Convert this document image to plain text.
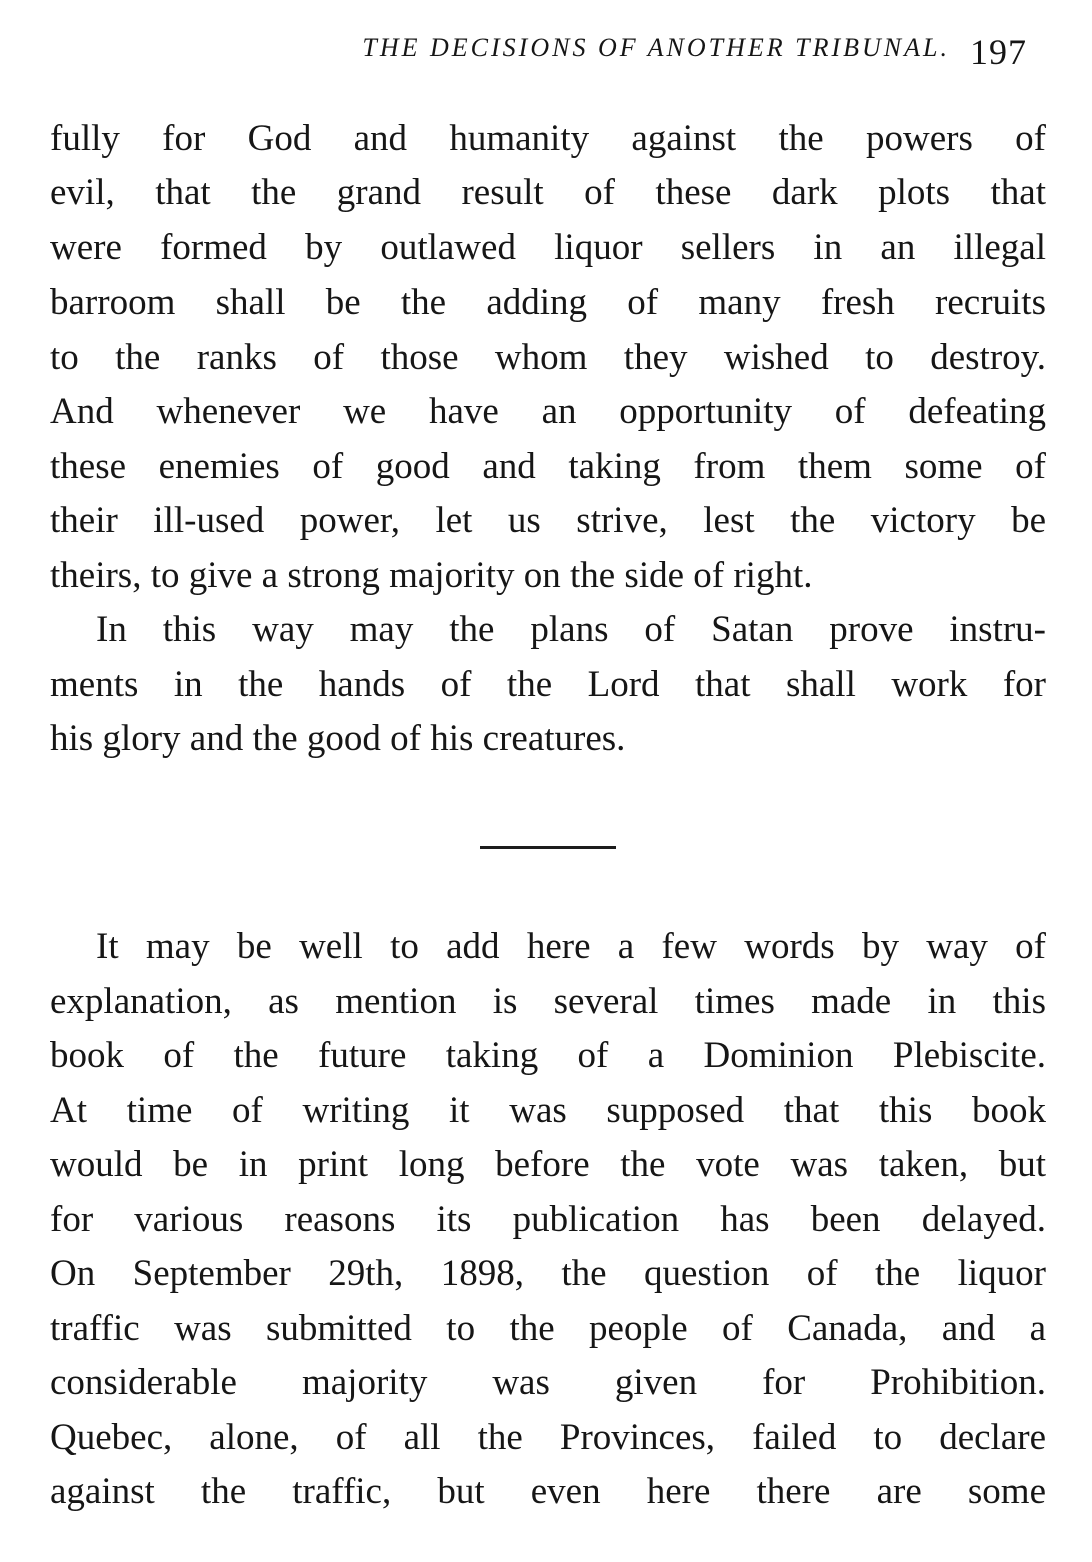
THE DECISIONS OF ANOTHER TRIBUNAL. 197
fully for God and humanity against the powers of
evil, that the grand result of these dark plots that
were formed by outlawed liquor sellers in an illegal
barroom shall be the adding of many fresh recruits
to the ranks of those whom they wished to destroy.
And whenever we have an opportunity of defeating
these enemies of good and taking from them some of
their ill-used power, let us strive, lest the victory be
theirs, to give a strong majority on the side of right.
In this way may the plans of Satan prove instru-
ments in the hands of the Lord that shall work for
his glory and the good of his creatures.
It may be well to add here a few words by way of
explanation, as mention is several times made in this
book of the future taking of a Dominion Plebiscite.
At time of writing it was supposed that this book
would be in print long before the vote was taken, but
for various reasons its publication has been delayed.
On September 29th, 1898, the question of the liquor
traffic was submitted to the people of Canada, and a
considerable majority was given for Prohibition.
Quebec, alone, of all the Provinces, failed to declare
against the traffic, but even here there are some
